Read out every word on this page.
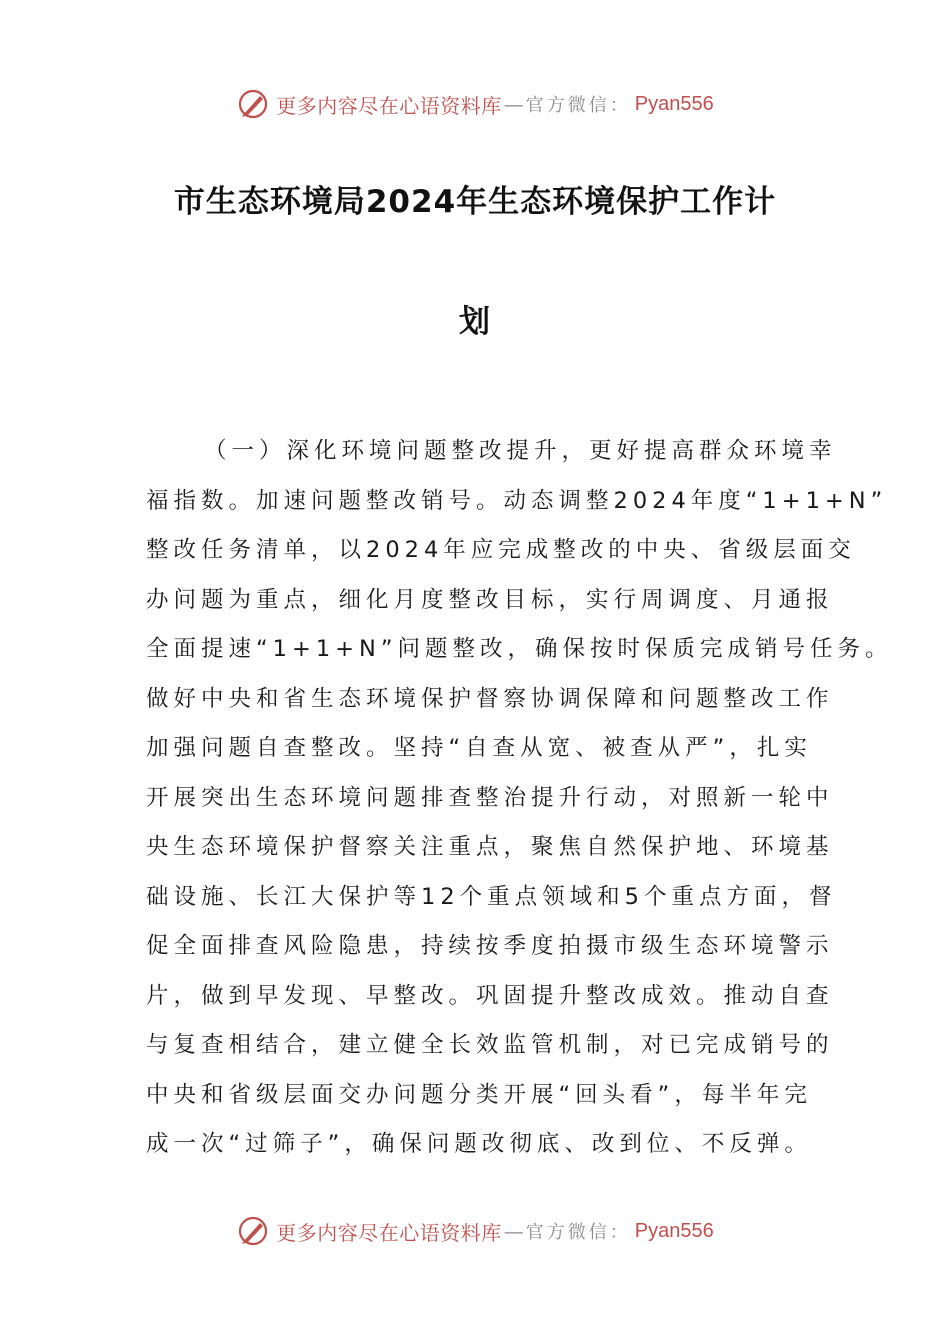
更多内容尽在心语资料库 — 官方微信： Pyan556
市生态环境局2024年生态环境保护工作计
划
（一）深化环境问题整改提升，更好提高群众环境幸
福指数。加速问题整改销号。动态调整2024年度“1+1+N”
整改任务清单，以2024年应完成整改的中央、省级层面交
办问题为重点，细化月度整改目标，实行周调度、月通报
全面提速“1+1+N”问题整改，确保按时保质完成销号任务。
做好中央和省生态环境保护督察协调保障和问题整改工作
加强问题自查整改。坚持“自查从宽、被查从严”，扎实
开展突出生态环境问题排查整治提升行动，对照新一轮中
央生态环境保护督察关注重点，聚焦自然保护地、环境基
础设施、长江大保护等12个重点领域和5个重点方面，督
促全面排查风险隐患，持续按季度拍摄市级生态环境警示
片，做到早发现、早整改。巩固提升整改成效。推动自查
与复查相结合，建立健全长效监管机制，对已完成销号的
中央和省级层面交办问题分类开展“回头看”，每半年完
成一次“过筛子”，确保问题改彻底、改到位、不反弹。
更多内容尽在心语资料库 — 官方微信： Pyan556
